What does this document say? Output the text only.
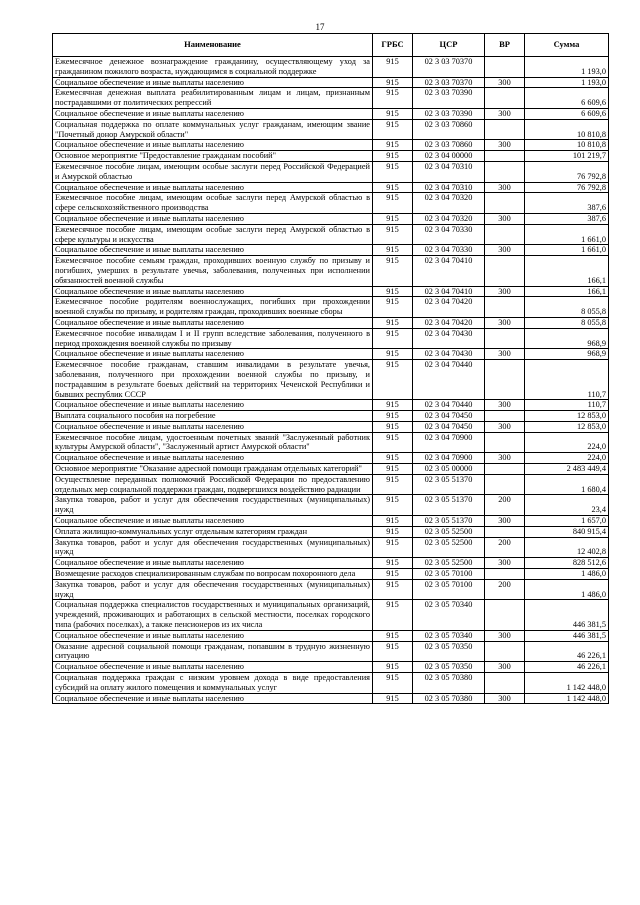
17
Наименование	ГРБС	ЦСР	ВР	Сумма
Ежемесячное денежное вознаграждение гражданину, осуществляющему уход за гражданином пожилого возраста, нуждающимся в социальной поддержке	915	02 3 03 70370		1 193,0
Социальное обеспечение и иные выплаты населению	915	02 3 03 70370	300	1 193,0
Ежемесячная денежная выплата реабилитированным лицам и лицам, признанным пострадавшими от политических репрессий	915	02 3 03 70390		6 609,6
Социальное обеспечение и иные выплаты населению	915	02 3 03 70390	300	6 609,6
Социальная поддержка по оплате коммунальных услуг гражданам, имеющим звание "Почетный донор Амурской области"	915	02 3 03 70860		10 810,8
Социальное обеспечение и иные выплаты населению	915	02 3 03 70860	300	10 810,8
Основное мероприятие "Предоставление гражданам пособий"	915	02 3 04 00000		101 219,7
Ежемесячное пособие лицам, имеющим особые заслуги перед Российской Федерацией и Амурской областью	915	02 3 04 70310		76 792,8
Социальное обеспечение и иные выплаты населению	915	02 3 04 70310	300	76 792,8
Ежемесячное пособие лицам, имеющим особые заслуги перед Амурской областью в сфере сельскохозяйственного производства	915	02 3 04 70320		387,6
Социальное обеспечение и иные выплаты населению	915	02 3 04 70320	300	387,6
Ежемесячное пособие лицам, имеющим особые заслуги перед Амурской областью в сфере культуры и искусства	915	02 3 04 70330		1 661,0
Социальное обеспечение и иные выплаты населению	915	02 3 04 70330	300	1 661,0
Ежемесячное пособие семьям граждан, проходивших военную службу по призыву и погибших, умерших в результате увечья, заболевания, полученных при исполнении обязанностей военной службы	915	02 3 04 70410		166,1
Социальное обеспечение и иные выплаты населению	915	02 3 04 70410	300	166,1
Ежемесячное пособие родителям военнослужащих, погибших при прохождении военной службы по призыву, и родителям граждан, проходивших военные сборы	915	02 3 04 70420		8 055,8
Социальное обеспечение и иные выплаты населению	915	02 3 04 70420	300	8 055,8
Ежемесячное пособие инвалидам I и II групп вследствие заболевания, полученного в период прохождения военной службы по призыву	915	02 3 04 70430		968,9
Социальное обеспечение и иные выплаты населению	915	02 3 04 70430	300	968,9
Ежемесячное пособие гражданам, ставшим инвалидами в результате увечья, заболевания, полученного при прохождении военной службы по призыву, и пострадавшим в результате боевых действий на территориях Чеченской Республики и бывших республик СССР	915	02 3 04 70440		110,7
Социальное обеспечение и иные выплаты населению	915	02 3 04 70440	300	110,7
Выплата социального пособия на погребение	915	02 3 04 70450		12 853,0
Социальное обеспечение и иные выплаты населению	915	02 3 04 70450	300	12 853,0
Ежемесячное пособие лицам, удостоенным почетных званий "Заслуженный работник культуры Амурской области", "Заслуженный артист Амурской области"	915	02 3 04 70900		224,0
Социальное обеспечение и иные выплаты населению	915	02 3 04 70900	300	224,0
Основное мероприятие "Оказание адресной помощи гражданам отдельных категорий"	915	02 3 05 00000		2 483 449,4
Осуществление переданных полномочий Российской Федерации по предоставлению отдельных мер социальной поддержки граждан, подвергшихся воздействию радиации	915	02 3 05 51370		1 680,4
Закупка товаров, работ и услуг для обеспечения государственных (муниципальных) нужд	915	02 3 05 51370	200	23,4
Социальное обеспечение и иные выплаты населению	915	02 3 05 51370	300	1 657,0
Оплата жилищно-коммунальных услуг отдельным категориям граждан	915	02 3 05 52500		840 915,4
Закупка товаров, работ и услуг для обеспечения государственных (муниципальных) нужд	915	02 3 05 52500	200	12 402,8
Социальное обеспечение и иные выплаты населению	915	02 3 05 52500	300	828 512,6
Возмещение расходов специализированным службам по вопросам похоронного дела	915	02 3 05 70100		1 486,0
Закупка товаров, работ и услуг для обеспечения государственных (муниципальных) нужд	915	02 3 05 70100	200	1 486,0
Социальная поддержка специалистов государственных и муниципальных организаций, учреждений, проживающих и работающих в сельской местности, поселках городского типа (рабочих поселках), а также пенсионеров из их числа	915	02 3 05 70340		446 381,5
Социальное обеспечение и иные выплаты населению	915	02 3 05 70340	300	446 381,5
Оказание адресной социальной помощи гражданам, попавшим в трудную жизненную ситуацию	915	02 3 05 70350		46 226,1
Социальное обеспечение и иные выплаты населению	915	02 3 05 70350	300	46 226,1
Социальная поддержка граждан с низким уровнем дохода в виде предоставления субсидий на оплату жилого помещения и коммунальных услуг	915	02 3 05 70380		1 142 448,0
Социальное обеспечение и иные выплаты населению	915	02 3 05 70380	300	1 142 448,0
